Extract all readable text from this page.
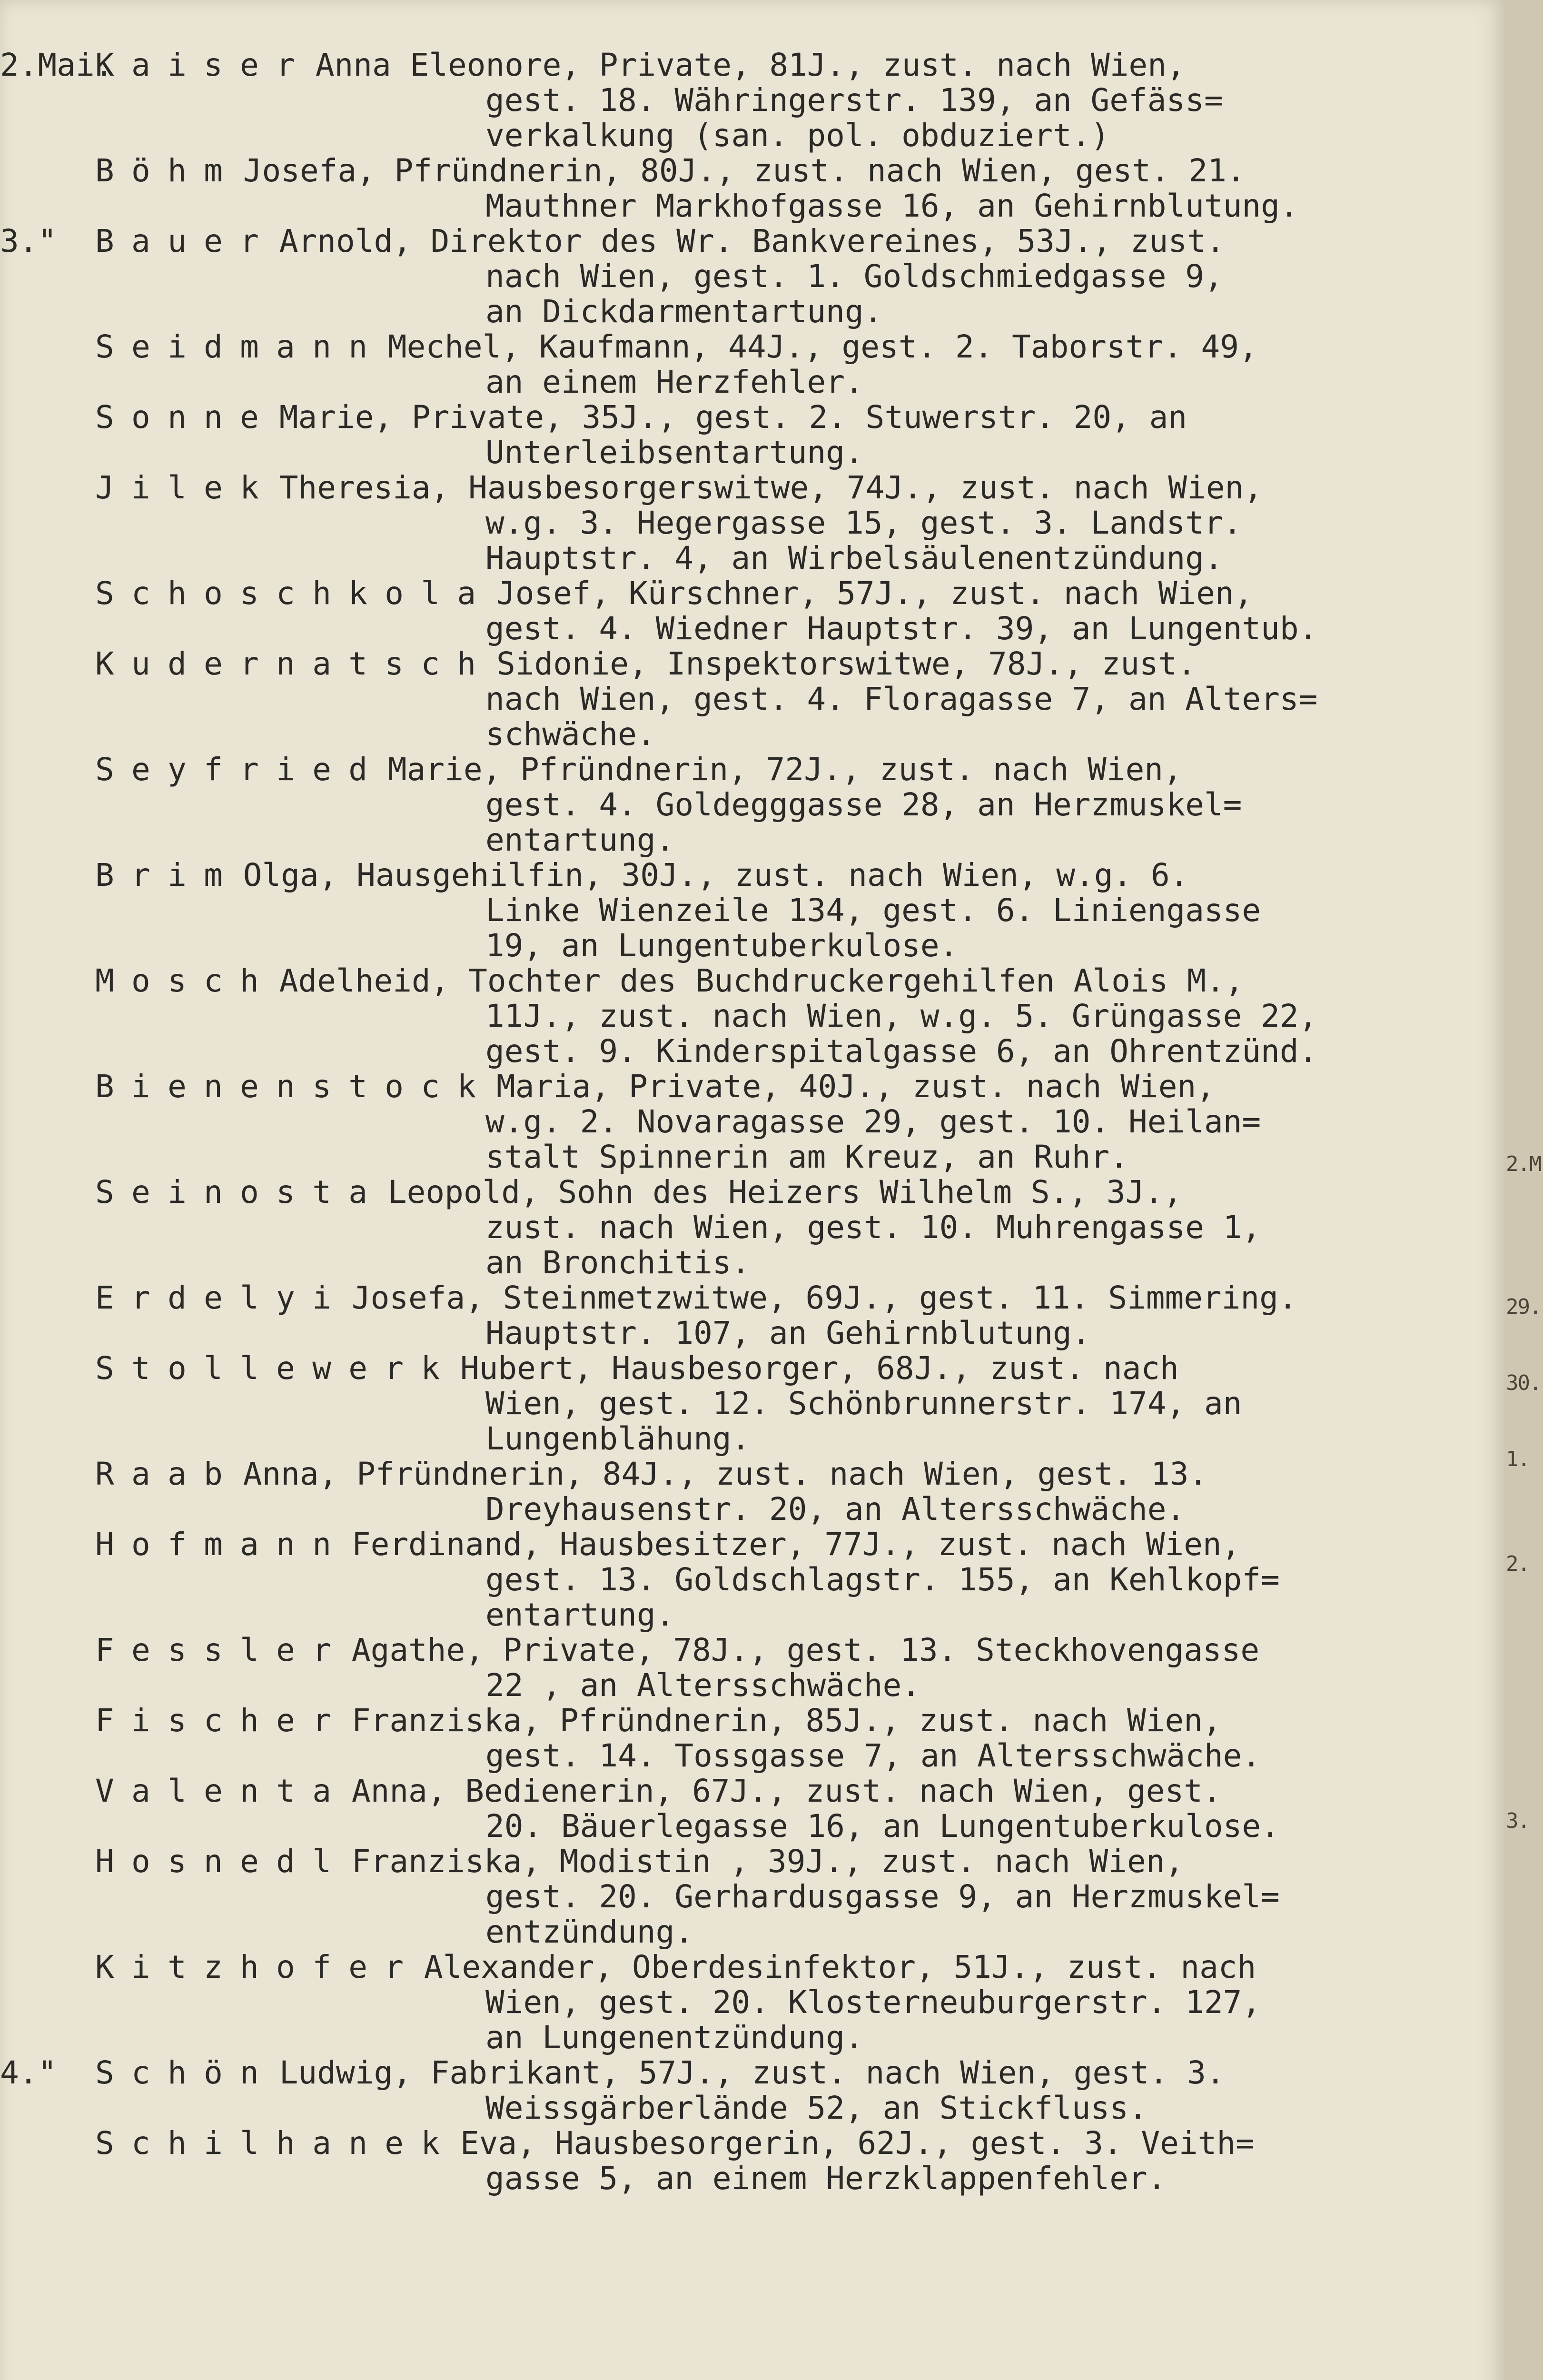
2.M
29.
30.
1.
2.
3.
2.Mai.
KaiserAnna Eleonore, Private, 81J., zust. nach Wien,
gest. 18. Währingerstr. 139, an Gefäss=
verkalkung (san. pol. obduziert.)
BöhmJosefa, Pfründnerin, 80J., zust. nach Wien, gest. 21.
Mauthner Markhofgasse 16, an Gehirnblutung.
3."	BauerArnold, Direktor des Wr. Bankvereines, 53J., zust.
nach Wien, gest. 1. Goldschmiedgasse 9,
an Dickdarmentartung.
SeidmannMechel, Kaufmann, 44J., gest. 2. Taborstr. 49,
an einem Herzfehler.
SonneMarie, Private, 35J., gest. 2. Stuwerstr. 20, an
Unterleibsentartung.
JilekTheresia, Hausbesorgerswitwe, 74J., zust. nach Wien,
w.g. 3. Hegergasse 15, gest. 3. Landstr.
Hauptstr. 4, an Wirbelsäulenentzündung.
SchoschkolaJosef, Kürschner, 57J., zust. nach Wien,
gest. 4. Wiedner Hauptstr. 39, an Lungentub.
KudernatschSidonie, Inspektorswitwe, 78J., zust.
nach Wien, gest. 4. Floragasse 7, an Alters=
schwäche.
SeyfriedMarie, Pfründnerin, 72J., zust. nach Wien,
gest. 4. Goldegggasse 28, an Herzmuskel=
entartung.
BrimOlga, Hausgehilfin, 30J., zust. nach Wien, w.g. 6.
Linke Wienzeile 134, gest. 6. Liniengasse
19, an Lungentuberkulose.
MoschAdelheid, Tochter des Buchdruckergehilfen Alois M.,
11J., zust. nach Wien, w.g. 5. Grüngasse 22,
gest. 9. Kinderspitalgasse 6, an Ohrentzünd.
BienenstockMaria, Private, 40J., zust. nach Wien,
w.g. 2. Novaragasse 29, gest. 10. Heilan=
stalt Spinnerin am Kreuz, an Ruhr.
SeinostaLeopold, Sohn des Heizers Wilhelm S., 3J.,
zust. nach Wien, gest. 10. Muhrengasse 1,
an Bronchitis.
ErdelyiJosefa, Steinmetzwitwe, 69J., gest. 11. Simmering.
Hauptstr. 107, an Gehirnblutung.
StollewerkHubert, Hausbesorger, 68J., zust. nach
Wien, gest. 12. Schönbrunnerstr. 174, an
Lungenblähung.
RaabAnna, Pfründnerin, 84J., zust. nach Wien, gest. 13.
Dreyhausenstr. 20, an Altersschwäche.
HofmannFerdinand, Hausbesitzer, 77J., zust. nach Wien,
gest. 13. Goldschlagstr. 155, an Kehlkopf=
entartung.
FesslerAgathe, Private, 78J., gest. 13. Steckhovengasse
22 , an Altersschwäche.
FischerFranziska, Pfründnerin, 85J., zust. nach Wien,
gest. 14. Tossgasse 7, an Altersschwäche.
ValentaAnna, Bedienerin, 67J., zust. nach Wien, gest.
20. Bäuerlegasse 16, an Lungentuberkulose.
HosnedlFranziska, Modistin , 39J., zust. nach Wien,
gest. 20. Gerhardusgasse 9, an Herzmuskel=
entzündung.
KitzhoferAlexander, Oberdesinfektor, 51J., zust. nach
Wien, gest. 20. Klosterneuburgerstr. 127,
an Lungenentzündung.
4."	SchönLudwig, Fabrikant, 57J., zust. nach Wien, gest. 3.
Weissgärberlände 52, an Stickfluss.
SchilhanekEva, Hausbesorgerin, 62J., gest. 3. Veith=
gasse 5, an einem Herzklappenfehler.
